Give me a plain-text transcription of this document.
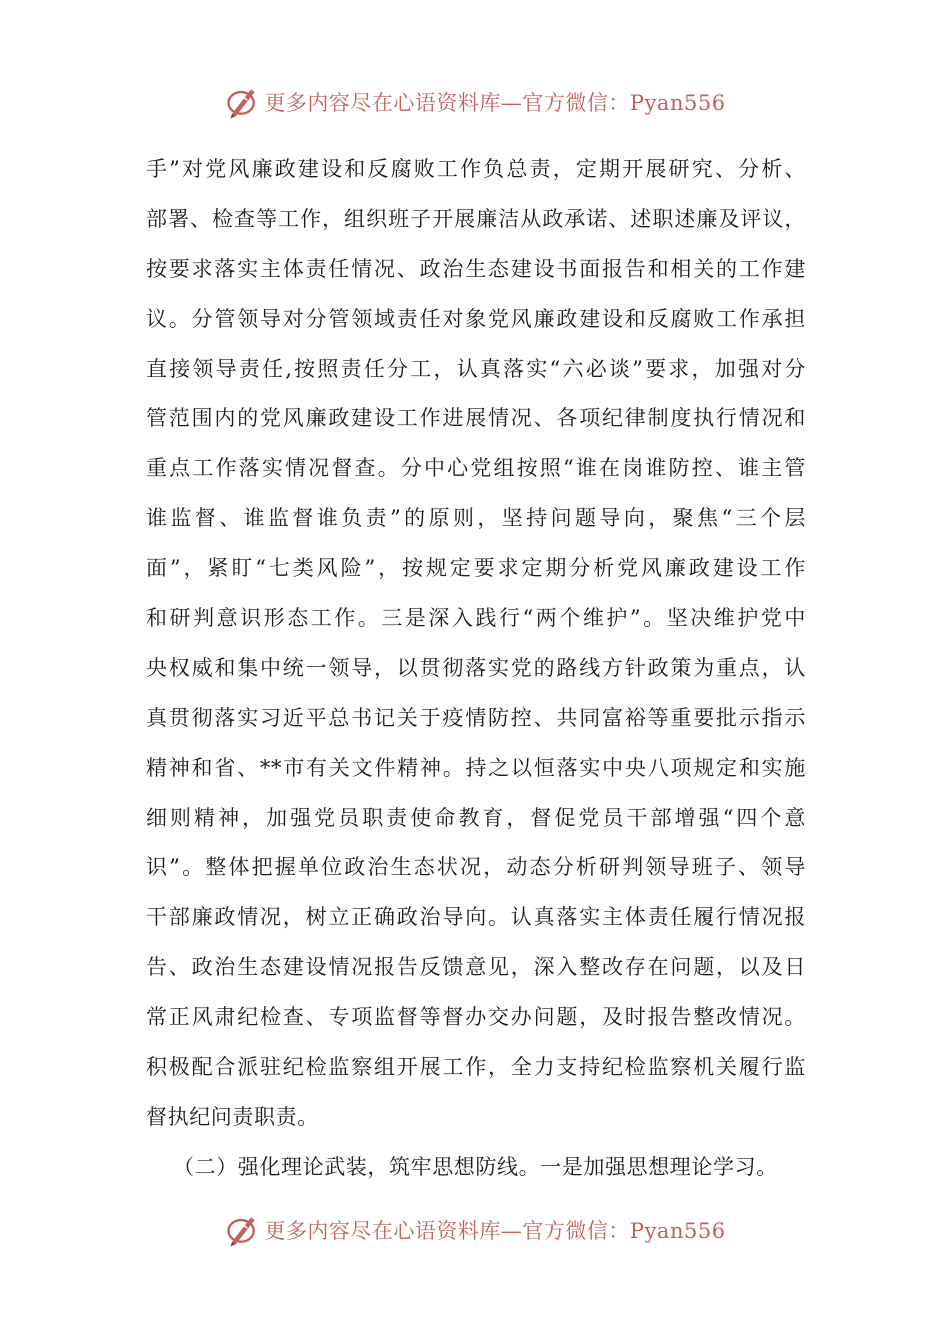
更多内容尽在心语资料库—官方微信：Pyan556
手”对党风廉政建设和反腐败工作负总责，定期开展研究、分析、
部署、检查等工作，组织班子开展廉洁从政承诺、述职述廉及评议，
按要求落实主体责任情况、政治生态建设书面报告和相关的工作建
议。分管领导对分管领域责任对象党风廉政建设和反腐败工作承担
直接领导责任,按照责任分工，认真落实“六必谈”要求，加强对分
管范围内的党风廉政建设工作进展情况、各项纪律制度执行情况和
重点工作落实情况督查。分中心党组按照“谁在岗谁防控、谁主管
谁监督、谁监督谁负责”的原则，坚持问题导向，聚焦“三个层
面”，紧盯“七类风险”，按规定要求定期分析党风廉政建设工作
和研判意识形态工作。三是深入践行“两个维护”。坚决维护党中
央权威和集中统一领导，以贯彻落实党的路线方针政策为重点，认
真贯彻落实习近平总书记关于疫情防控、共同富裕等重要批示指示
精神和省、**市有关文件精神。持之以恒落实中央八项规定和实施
细则精神，加强党员职责使命教育，督促党员干部增强“四个意
识”。整体把握单位政治生态状况，动态分析研判领导班子、领导
干部廉政情况，树立正确政治导向。认真落实主体责任履行情况报
告、政治生态建设情况报告反馈意见，深入整改存在问题，以及日
常正风肃纪检查、专项监督等督办交办问题，及时报告整改情况。
积极配合派驻纪检监察组开展工作，全力支持纪检监察机关履行监
督执纪问责职责。
（二）强化理论武装，筑牢思想防线。一是加强思想理论学习。
更多内容尽在心语资料库—官方微信：Pyan556
